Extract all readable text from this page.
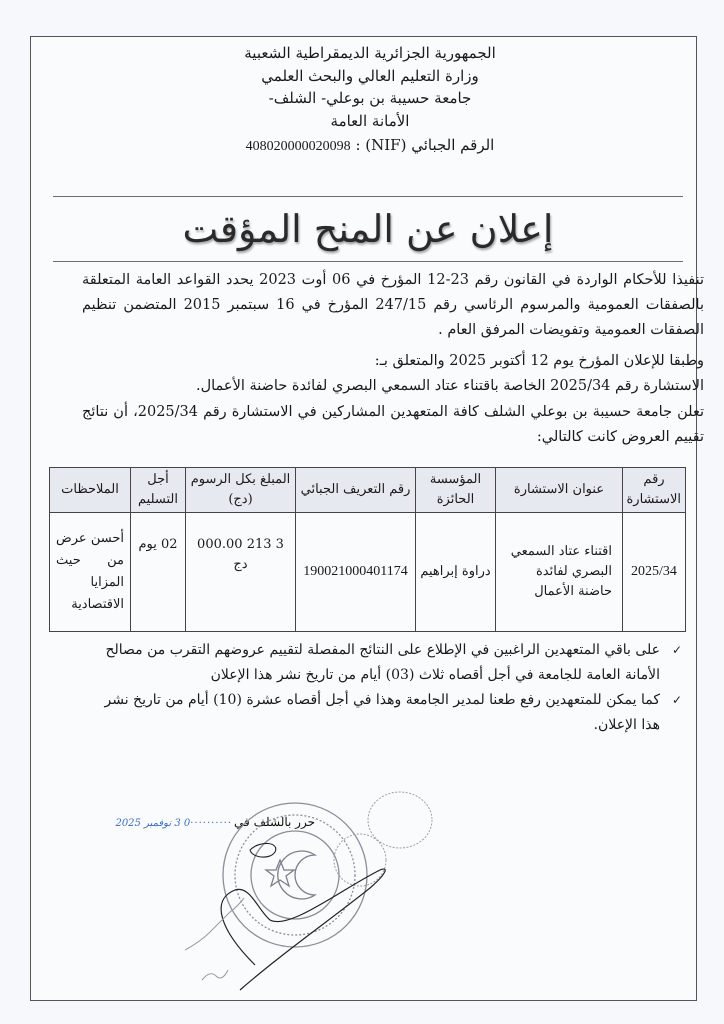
الجمهورية الجزائرية الديمقراطية الشعبية
وزارة التعليم العالي والبحث العلمي
جامعة حسيبة بن بوعلي- الشلف-
الأمانة العامة
الرقم الجبائي (NIF) : 408020000020098
إعلان عن المنح المؤقت
تنفيذا للأحكام الواردة في القانون رقم 23-12 المؤرخ في 06 أوت 2023 يحدد القواعد العامة المتعلقة بالصفقات العمومية والمرسوم الرئاسي رقم 247/15 المؤرخ في 16 سبتمبر 2015 المتضمن تنظيم الصفقات العمومية وتفويضات المرفق العام .
وطبقا للإعلان المؤرخ يوم 12 أكتوبر 2025 والمتعلق بـ:
الاستشارة رقم 2025/34 الخاصة باقتناء عتاد السمعي البصري لفائدة حاضنة الأعمال.
تعلن جامعة حسيبة بن بوعلي الشلف كافة المتعهدين المشاركين في الاستشارة رقم 2025/34، أن نتائج تقييم العروض كانت كالتالي:
رقم الاستشارة	عنوان الاستشارة	المؤسسة الحائزة	رقم التعريف الجبائي	المبلغ بكل الرسوم (دج)	أجل التسليم	الملاحظات
2025/34	اقتناء عتاد السمعي البصري لفائدة حاضنة الأعمال	دراوة إبراهيم	190021000401174	3 213 000.00 دج	02 يوم	أحسن عرض من حيث المزايا الاقتصادية
✓
على باقي المتعهدين الراغبين في الإطلاع على النتائج المفصلة لتقييم عروضهم التقرب من مصالح الأمانة العامة للجامعة في أجل أقصاه ثلاث (03) أيام من تاريخ نشر هذا الإعلان
✓
كما يمكن للمتعهدين رفع طعنا لمدير الجامعة وهذا في أجل أقصاه عشرة (10) أيام من تاريخ نشر هذا الإعلان.
حرر بالشلف في
··········
0 3 نوفمبر 2025
